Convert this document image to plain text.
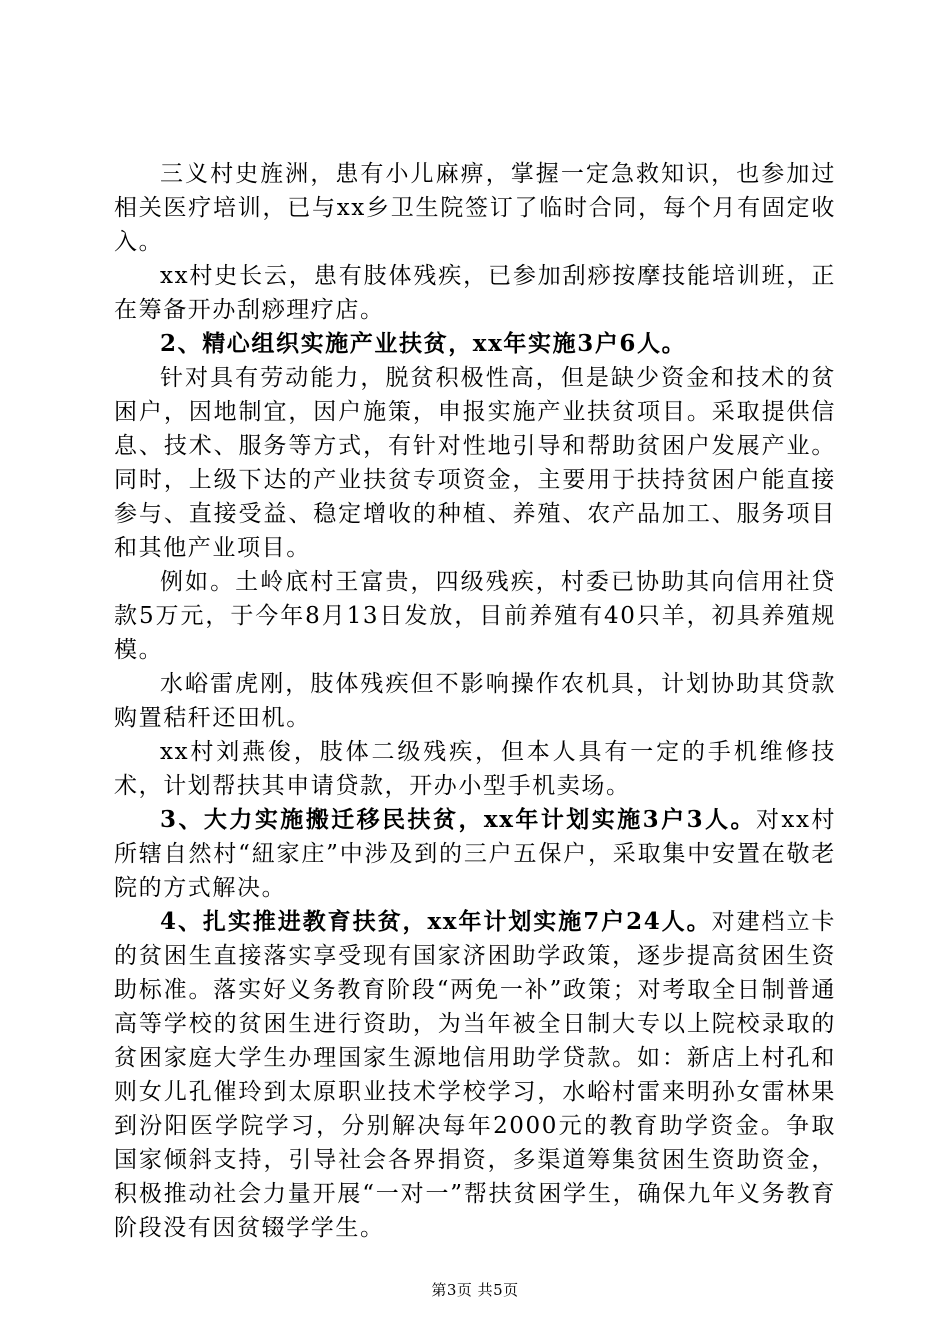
三义村史旌洲，患有小儿麻痹，掌握一定急救知识，也参加过相关医疗培训，已与xx乡卫生院签订了临时合同，每个月有固定收入。

xx村史长云，患有肢体残疾，已参加刮痧按摩技能培训班，正在筹备开办刮痧理疗店。

2、精心组织实施产业扶贫，xx年实施3户6人。

针对具有劳动能力，脱贫积极性高，但是缺少资金和技术的贫困户，因地制宜，因户施策，申报实施产业扶贫项目。采取提供信息、技术、服务等方式，有针对性地引导和帮助贫困户发展产业。同时，上级下达的产业扶贫专项资金，主要用于扶持贫困户能直接参与、直接受益、稳定增收的种植、养殖、农产品加工、服务项目和其他产业项目。

例如。土岭底村王富贵，四级残疾，村委已协助其向信用社贷款5万元，于今年8月13日发放，目前养殖有40只羊，初具养殖规模。

水峪雷虎刚，肢体残疾但不影响操作农机具，计划协助其贷款购置秸秆还田机。

xx村刘燕俊，肢体二级残疾，但本人具有一定的手机维修技术，计划帮扶其申请贷款，开办小型手机卖场。

3、大力实施搬迁移民扶贫，xx年计划实施3户3人。对xx村所辖自然村“紐家庄”中涉及到的三户五保户，采取集中安置在敬老院的方式解决。

4、扎实推进教育扶贫，xx年计划实施7户24人。对建档立卡的贫困生直接落实享受现有国家济困助学政策，逐步提高贫困生资助标准。落实好义务教育阶段“两免一补”政策；对考取全日制普通高等学校的贫困生进行资助，为当年被全日制大专以上院校录取的贫困家庭大学生办理国家生源地信用助学贷款。如：新店上村孔和则女儿孔催玲到太原职业技术学校学习，水峪村雷来明孙女雷林果到汾阳医学院学习，分别解决每年2000元的教育助学资金。争取国家倾斜支持，引导社会各界捐资，多渠道筹集贫困生资助资金，积极推动社会力量开展“一对一”帮扶贫困学生，确保九年义务教育阶段没有因贫辍学学生。

第3页 共5页
